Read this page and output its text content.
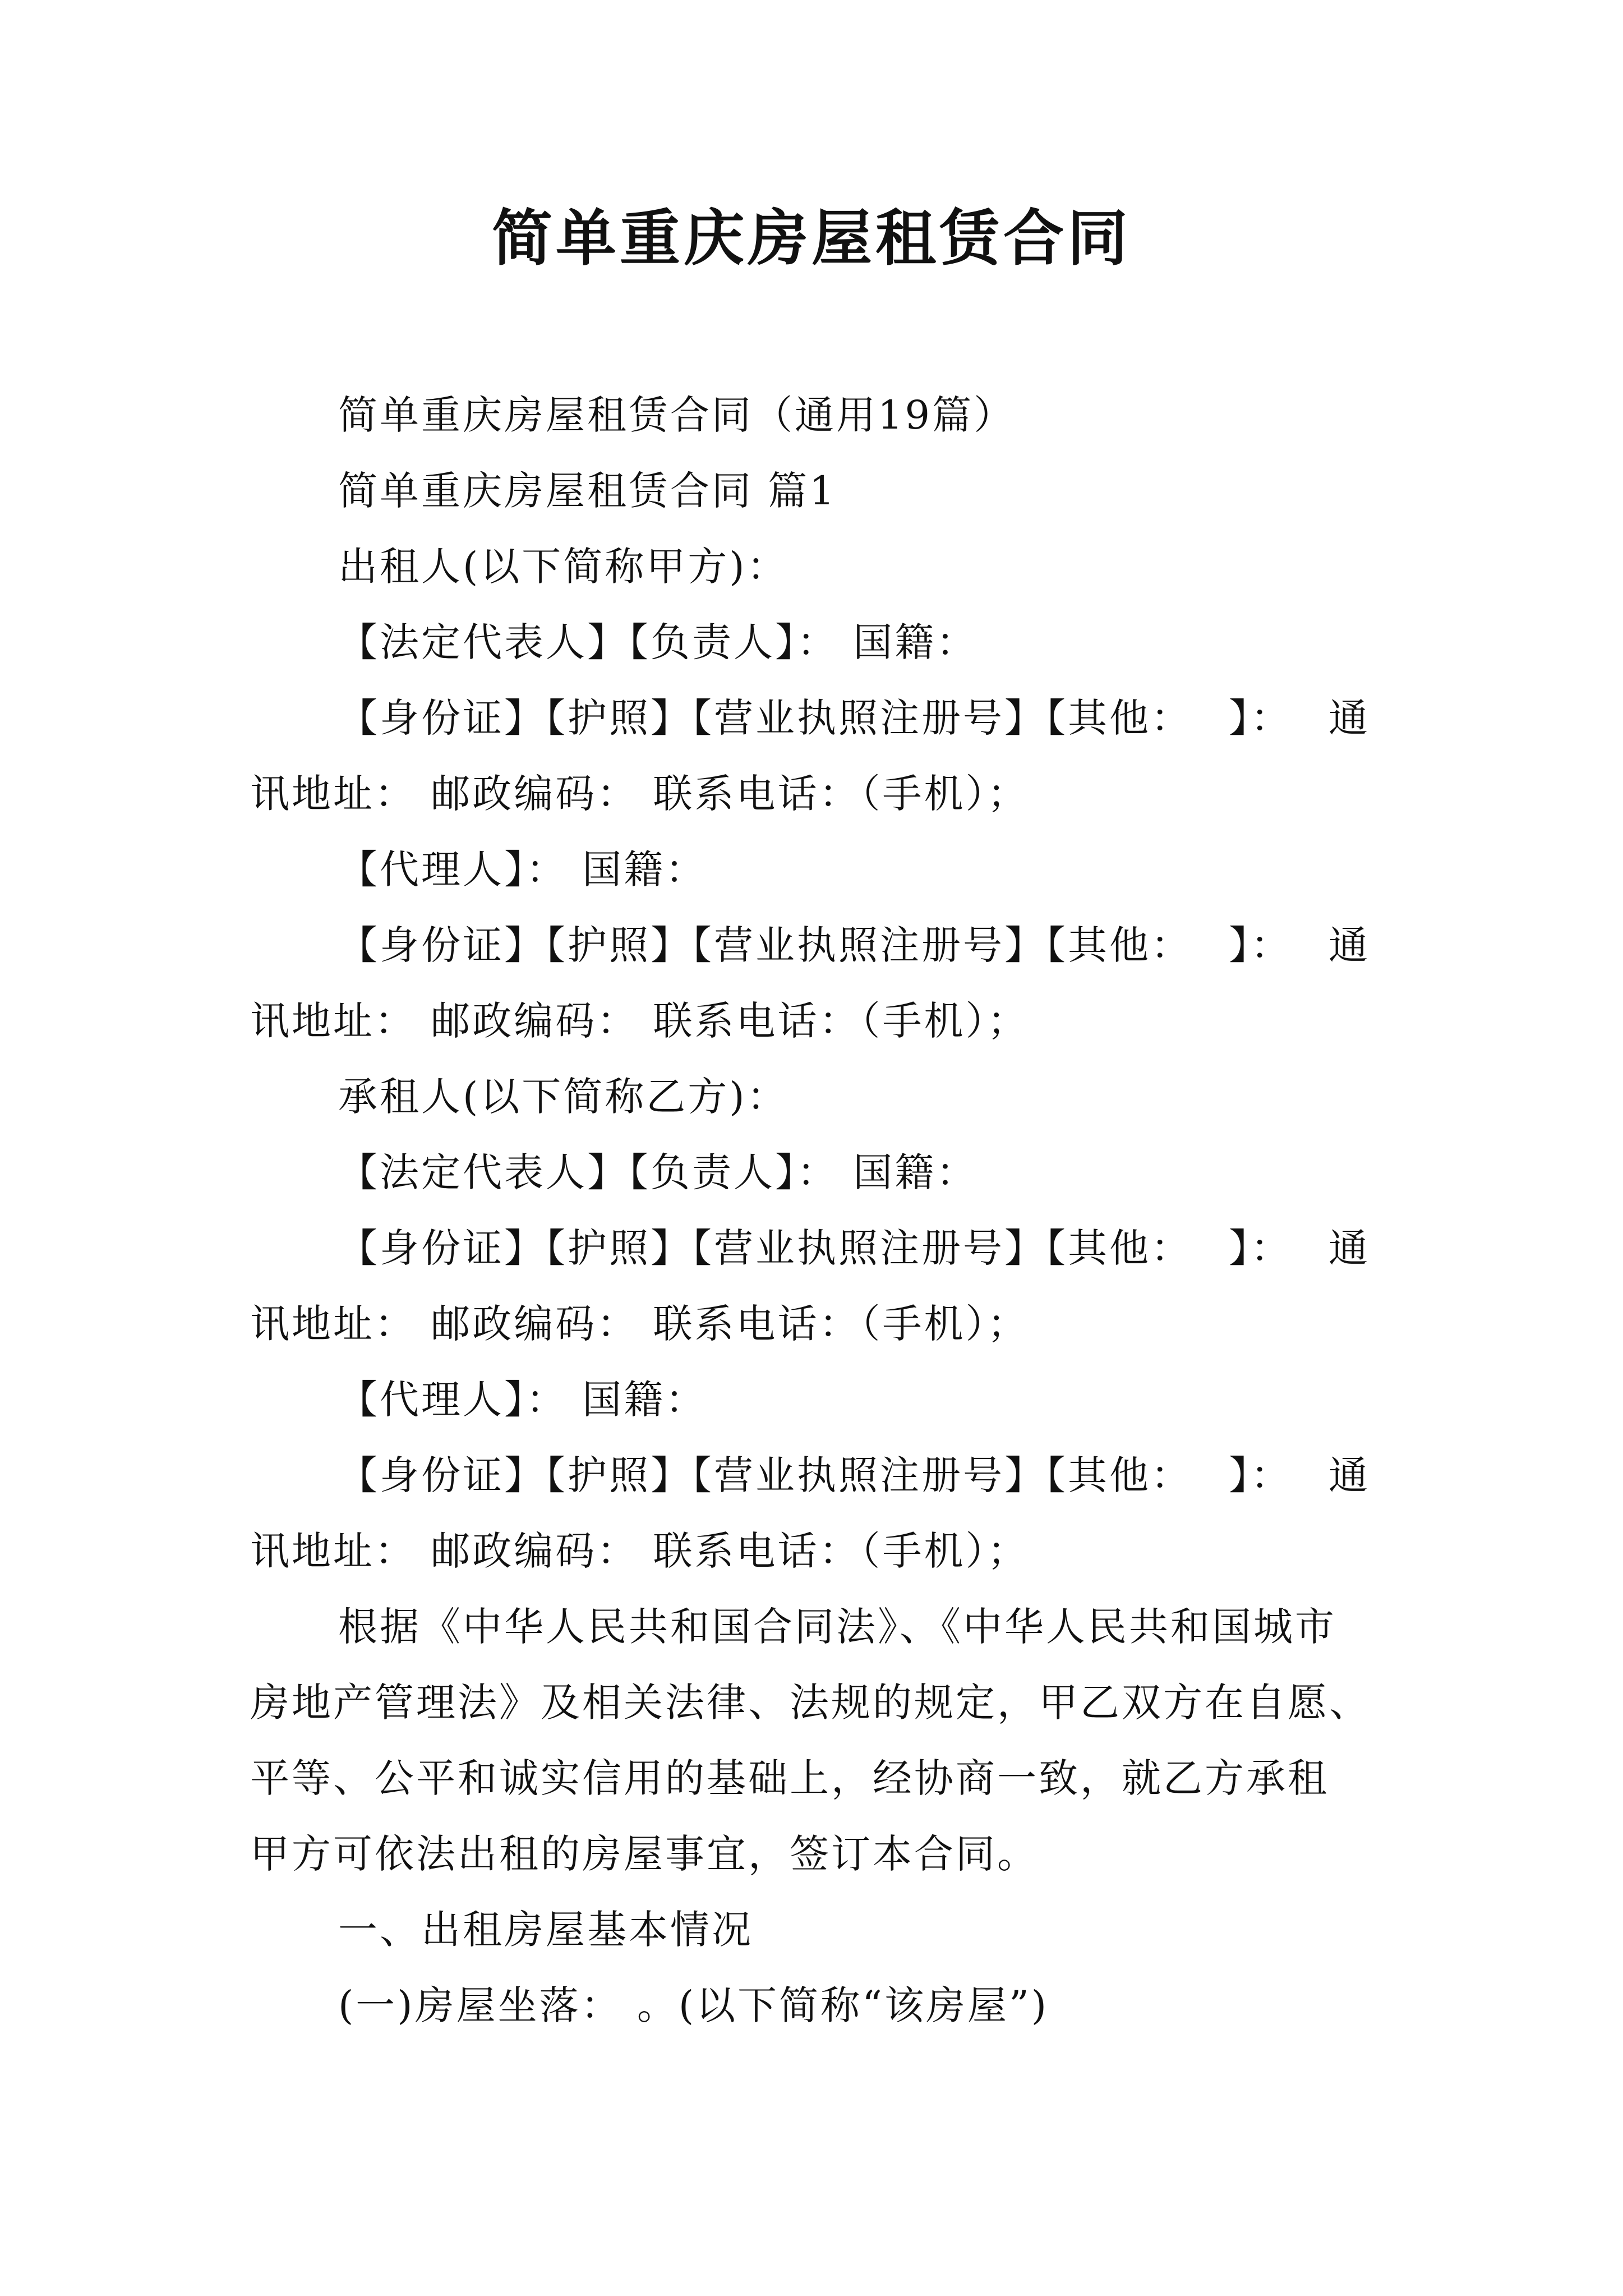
简单重庆房屋租赁合同
简单重庆房屋租赁合同（通用19篇）
简单重庆房屋租赁合同 篇1
出租人(以下简称甲方)：
【法定代表人】【负责人】： 国籍：
【身份证】【护照】【营业执照注册号】【其他： 】： 通
讯地址： 邮政编码： 联系电话：（手机）；
【代理人】： 国籍：
【身份证】【护照】【营业执照注册号】【其他： 】： 通
讯地址： 邮政编码： 联系电话：（手机）；
承租人(以下简称乙方)：
【法定代表人】【负责人】： 国籍：
【身份证】【护照】【营业执照注册号】【其他： 】： 通
讯地址： 邮政编码： 联系电话：（手机）；
【代理人】： 国籍：
【身份证】【护照】【营业执照注册号】【其他： 】： 通
讯地址： 邮政编码： 联系电话：（手机）；
根据《中华人民共和国合同法》、《中华人民共和国城市
房地产管理法》及相关法律、法规的规定，甲乙双方在自愿、
平等、公平和诚实信用的基础上，经协商一致，就乙方承租
甲方可依法出租的房屋事宜，签订本合同。
一、出租房屋基本情况
(一)房屋坐落： 。(以下简称“该房屋”)
